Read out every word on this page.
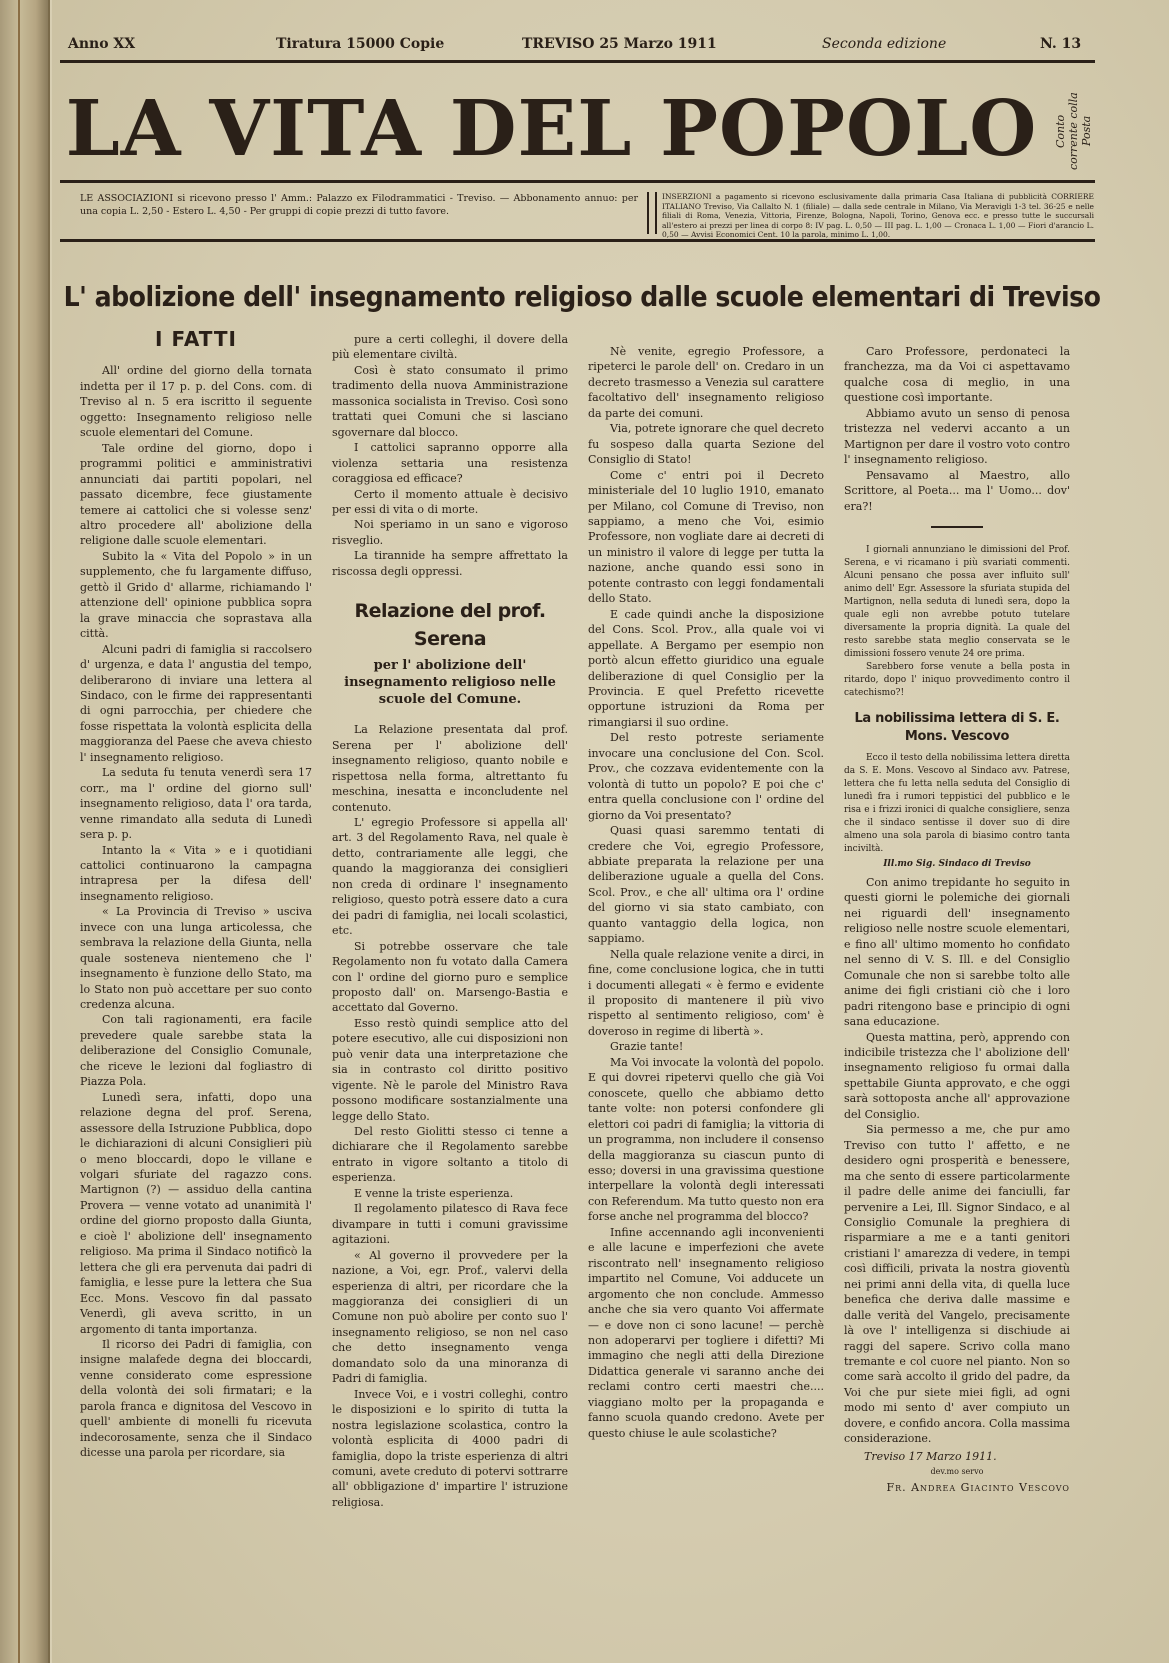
Anno XX	Tiratura 15000 Copie	TREVISO 25 Marzo 1911	Seconda edizione	N. 13
LA VITA DEL POPOLO Conto corrente colla Posta
LE ASSOCIAZIONI si ricevono presso l' Amm.: Palazzo ex Filodrammatici - Treviso. — Abbonamento annuo: per una copia L. 2,50 - Estero L. 4,50 - Per gruppi di copie prezzi di tutto favore.
INSERZIONI a pagamento si ricevono esclusivamente dalla primaria Casa Italiana di pubblicità CORRIERE ITALIANO Treviso, Via Callalto N. 1 (filiale) — dalla sede centrale in Milano, Via Meravigli 1-3 tel. 36-25 e nelle filiali di Roma, Venezia, Vittoria, Firenze, Bologna, Napoli, Torino, Genova ecc. e presso tutte le succursali all'estero ai prezzi per linea di corpo 8: IV pag. L. 0,50 — III pag. L. 1,00 — Cronaca L. 1,00 — Fiori d'arancio L. 0,50 — Avvisi Economici Cent. 10 la parola, minimo L. 1,00.
L' abolizione dell' insegnamento religioso dalle scuole elementari di Treviso
I FATTI

All' ordine del giorno della tornata indetta per il 17 p. p. del Cons. com. di Treviso al n. 5 era iscritto il seguente oggetto: Insegnamento religioso nelle scuole elementari del Comune.

Tale ordine del giorno, dopo i programmi politici e amministrativi annunciati dai partiti popolari, nel passato dicembre, fece giustamente temere ai cattolici che si volesse senz' altro procedere all' abolizione della religione dalle scuole elementari.

Subito la « Vita del Popolo » in un supplemento, che fu largamente diffuso, gettò il Grido d' allarme, richiamando l' attenzione dell' opinione pubblica sopra la grave minaccia che soprastava alla città.

Alcuni padri di famiglia si raccolsero d' urgenza, e data l' angustia del tempo, deliberarono di inviare una lettera al Sindaco, con le firme dei rappresentanti di ogni parrocchia, per chiedere che fosse rispettata la volontà esplicita della maggioranza del Paese che aveva chiesto l' insegnamento religioso.

La seduta fu tenuta venerdì sera 17 corr., ma l' ordine del giorno sull' insegnamento religioso, data l' ora tarda, venne rimandato alla seduta di Lunedì sera p. p.

Intanto la « Vita » e i quotidiani cattolici continuarono la campagna intrapresa per la difesa dell' insegnamento religioso.

« La Provincia di Treviso » usciva invece con una lunga articolessa, che sembrava la relazione della Giunta, nella quale sosteneva nientemeno che l' insegnamento è funzione dello Stato, ma lo Stato non può accettare per suo conto credenza alcuna.

Con tali ragionamenti, era facile prevedere quale sarebbe stata la deliberazione del Consiglio Comunale, che riceve le lezioni dal fogliastro di Piazza Pola.

Lunedì sera, infatti, dopo una relazione degna del prof. Serena, assessore della Istruzione Pubblica, dopo le dichiarazioni di alcuni Consiglieri più o meno bloccardi, dopo le villane e volgari sfuriate del ragazzo cons. Martignon (?) — assiduo della cantina Provera — venne votato ad unanimità l' ordine del giorno proposto dalla Giunta, e cioè l' abolizione dell' insegnamento religioso. Ma prima il Sindaco notificò la lettera che gli era pervenuta dai padri di famiglia, e lesse pure la lettera che Sua Ecc. Mons. Vescovo fin dal passato Venerdì, gli aveva scritto, in un argomento di tanta importanza.

Il ricorso dei Padri di famiglia, con insigne malafede degna dei bloccardi, venne considerato come espressione della volontà dei soli firmatari; e la parola franca e dignitosa del Vescovo in quell' ambiente di monelli fu ricevuta indecorosamente, senza che il Sindaco dicesse una parola per ricordare, sia

pure a certi colleghi, il dovere della più elementare civiltà.

Così è stato consumato il primo tradimento della nuova Amministrazione massonica socialista in Treviso. Così sono trattati quei Comuni che si lasciano sgovernare dal blocco.

I cattolici sapranno opporre alla violenza settaria una resistenza coraggiosa ed efficace?

Certo il momento attuale è decisivo per essi di vita o di morte.

Noi speriamo in un sano e vigoroso risveglio.

La tirannide ha sempre affrettato la riscossa degli oppressi.

Relazione del prof. Serena
per l' abolizione dell' insegnamento religioso nelle scuole del Comune.

La Relazione presentata dal prof. Serena per l' abolizione dell' insegnamento religioso, quanto nobile e rispettosa nella forma, altrettanto fu meschina, inesatta e inconcludente nel contenuto.

L' egregio Professore si appella all' art. 3 del Regolamento Rava, nel quale è detto, contrariamente alle leggi, che quando la maggioranza dei consiglieri non creda di ordinare l' insegnamento religioso, questo potrà essere dato a cura dei padri di famiglia, nei locali scolastici, etc.

Si potrebbe osservare che tale Regolamento non fu votato dalla Camera con l' ordine del giorno puro e semplice proposto dall' on. Marsengo-Bastia e accettato dal Governo.

Esso restò quindi semplice atto del potere esecutivo, alle cui disposizioni non può venir data una interpretazione che sia in contrasto col diritto positivo vigente. Nè le parole del Ministro Rava possono modificare sostanzialmente una legge dello Stato.

Del resto Giolitti stesso ci tenne a dichiarare che il Regolamento sarebbe entrato in vigore soltanto a titolo di esperienza.

E venne la triste esperienza.

Il regolamento pilatesco di Rava fece divampare in tutti i comuni gravissime agitazioni.

« Al governo il provvedere per la nazione, a Voi, egr. Prof., valervi della esperienza di altri, per ricordare che la maggioranza dei consiglieri di un Comune non può abolire per conto suo l' insegnamento religioso, se non nel caso che detto insegnamento venga domandato solo da una minoranza di Padri di famiglia.

Invece Voi, e i vostri colleghi, contro le disposizioni e lo spirito di tutta la nostra legislazione scolastica, contro la volontà esplicita di 4000 padri di famiglia, dopo la triste esperienza di altri comuni, avete creduto di potervi sottrarre all' obbligazione d' impartire l' istruzione religiosa.

Nè venite, egregio Professore, a ripeterci le parole dell' on. Credaro in un decreto trasmesso a Venezia sul carattere facoltativo dell' insegnamento religioso da parte dei comuni.

Via, potrete ignorare che quel decreto fu sospeso dalla quarta Sezione del Consiglio di Stato!

Come c' entri poi il Decreto ministeriale del 10 luglio 1910, emanato per Milano, col Comune di Treviso, non sappiamo, a meno che Voi, esimio Professore, non vogliate dare ai decreti di un ministro il valore di legge per tutta la nazione, anche quando essi sono in potente contrasto con leggi fondamentali dello Stato.

E cade quindi anche la disposizione del Cons. Scol. Prov., alla quale voi vi appellate. A Bergamo per esempio non portò alcun effetto giuridico una eguale deliberazione di quel Consiglio per la Provincia. E quel Prefetto ricevette opportune istruzioni da Roma per rimangiarsi il suo ordine.

Del resto potreste seriamente invocare una conclusione del Con. Scol. Prov., che cozzava evidentemente con la volontà di tutto un popolo? E poi che c' entra quella conclusione con l' ordine del giorno da Voi presentato?

Quasi quasi saremmo tentati di credere che Voi, egregio Professore, abbiate preparata la relazione per una deliberazione uguale a quella del Cons. Scol. Prov., e che all' ultima ora l' ordine del giorno vi sia stato cambiato, con quanto vantaggio della logica, non sappiamo.

Nella quale relazione venite a dirci, in fine, come conclusione logica, che in tutti i documenti allegati « è fermo e evidente il proposito di mantenere il più vivo rispetto al sentimento religioso, com' è doveroso in regime di libertà ».

Grazie tante!

Ma Voi invocate la volontà del popolo. E qui dovrei ripetervi quello che già Voi conoscete, quello che abbiamo detto tante volte: non potersi confondere gli elettori coi padri di famiglia; la vittoria di un programma, non includere il consenso della maggioranza su ciascun punto di esso; doversi in una gravissima questione interpellare la volontà degli interessati con Referendum. Ma tutto questo non era forse anche nel programma del blocco?

Infine accennando agli inconvenienti e alle lacune e imperfezioni che avete riscontrato nell' insegnamento religioso impartito nel Comune, Voi adducete un argomento che non conclude. Ammesso anche che sia vero quanto Voi affermate — e dove non ci sono lacune! — perchè non adoperarvi per togliere i difetti? Mi immagino che negli atti della Direzione Didattica generale vi saranno anche dei reclami contro certi maestri che.... viaggiano molto per la propaganda e fanno scuola quando credono. Avete per questo chiuse le aule scolastiche?

Caro Professore, perdonateci la franchezza, ma da Voi ci aspettavamo qualche cosa di meglio, in una questione così importante.

Abbiamo avuto un senso di penosa tristezza nel vedervi accanto a un Martignon per dare il vostro voto contro l' insegnamento religioso.

Pensavamo al Maestro, allo Scrittore, al Poeta... ma l' Uomo... dov' era?!

I giornali annunziano le dimissioni del Prof. Serena, e vi ricamano i più svariati commenti. Alcuni pensano che possa aver influito sull' animo dell' Egr. Assessore la sfuriata stupida del Martignon, nella seduta di lunedì sera, dopo la quale egli non avrebbe potuto tutelare diversamente la propria dignità. La quale del resto sarebbe stata meglio conservata se le dimissioni fossero venute 24 ore prima.

Sarebbero forse venute a bella posta in ritardo, dopo l' iniquo provvedimento contro il catechismo?!

La nobilissima lettera di S. E. Mons. Vescovo

Ecco il testo della nobilissima lettera diretta da S. E. Mons. Vescovo al Sindaco avv. Patrese, lettera che fu letta nella seduta del Consiglio di lunedì fra i rumori teppistici del pubblico e le risa e i frizzi ironici di qualche consigliere, senza che il sindaco sentisse il dover suo di dire almeno una sola parola di biasimo contro tanta inciviltà.

Ill.mo Sig. Sindaco di Treviso

Con animo trepidante ho seguito in questi giorni le polemiche dei giornali nei riguardi dell' insegnamento religioso nelle nostre scuole elementari, e fino all' ultimo momento ho confidato nel senno di V. S. Ill. e del Consiglio Comunale che non si sarebbe tolto alle anime dei figli cristiani ciò che i loro padri ritengono base e principio di ogni sana educazione.

Questa mattina, però, apprendo con indicibile tristezza che l' abolizione dell' insegnamento religioso fu ormai dalla spettabile Giunta approvato, e che oggi sarà sottoposta anche all' approvazione del Consiglio.

Sia permesso a me, che pur amo Treviso con tutto l' affetto, e ne desidero ogni prosperità e benessere, ma che sento di essere particolarmente il padre delle anime dei fanciulli, far pervenire a Lei, Ill. Signor Sindaco, e al Consiglio Comunale la preghiera di risparmiare a me e a tanti genitori cristiani l' amarezza di vedere, in tempi così difficili, privata la nostra gioventù nei primi anni della vita, di quella luce benefica che deriva dalle massime e dalle verità del Vangelo, precisamente là ove l' intelligenza si dischiude ai raggi del sapere. Scrivo colla mano tremante e col cuore nel pianto. Non so come sarà accolto il grido del padre, da Voi che pur siete miei figli, ad ogni modo mi sento d' aver compiuto un dovere, e confido ancora. Colla massima considerazione.

Treviso 17 Marzo 1911.
dev.mo servo
Fr. Andrea Giacinto Vescovo
